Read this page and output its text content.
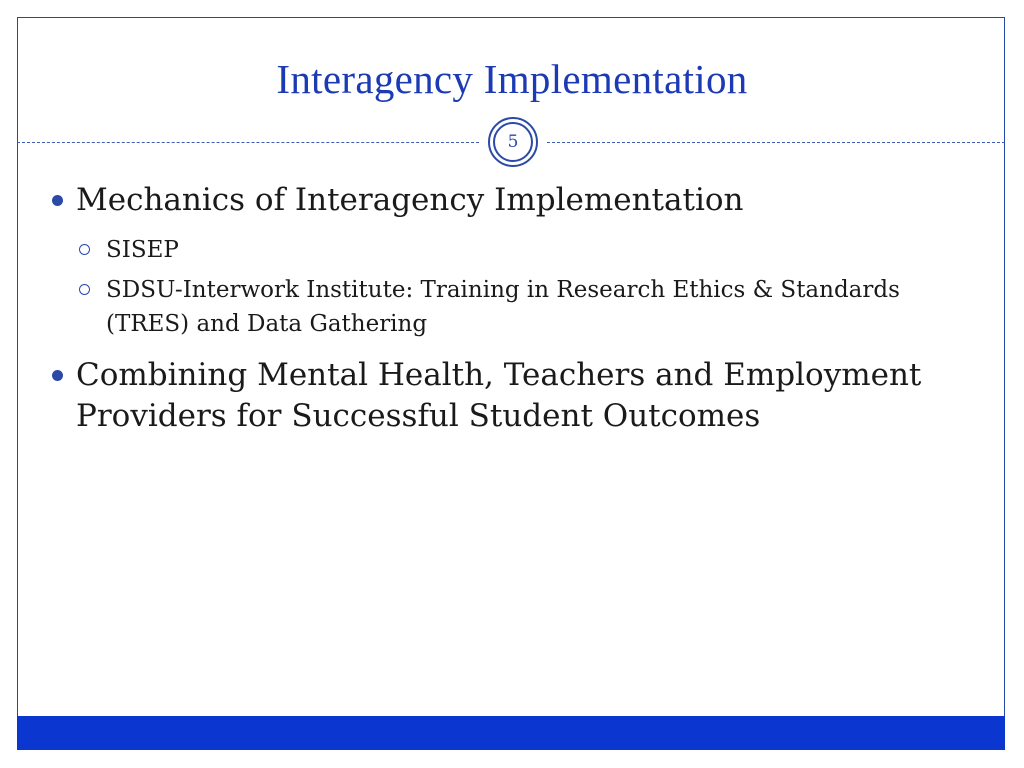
Interagency Implementation
5
Mechanics of Interagency Implementation
SISEP
SDSU-Interwork Institute: Training in Research Ethics & Standards (TRES) and Data Gathering
Combining Mental Health, Teachers and Employment Providers for Successful Student Outcomes
